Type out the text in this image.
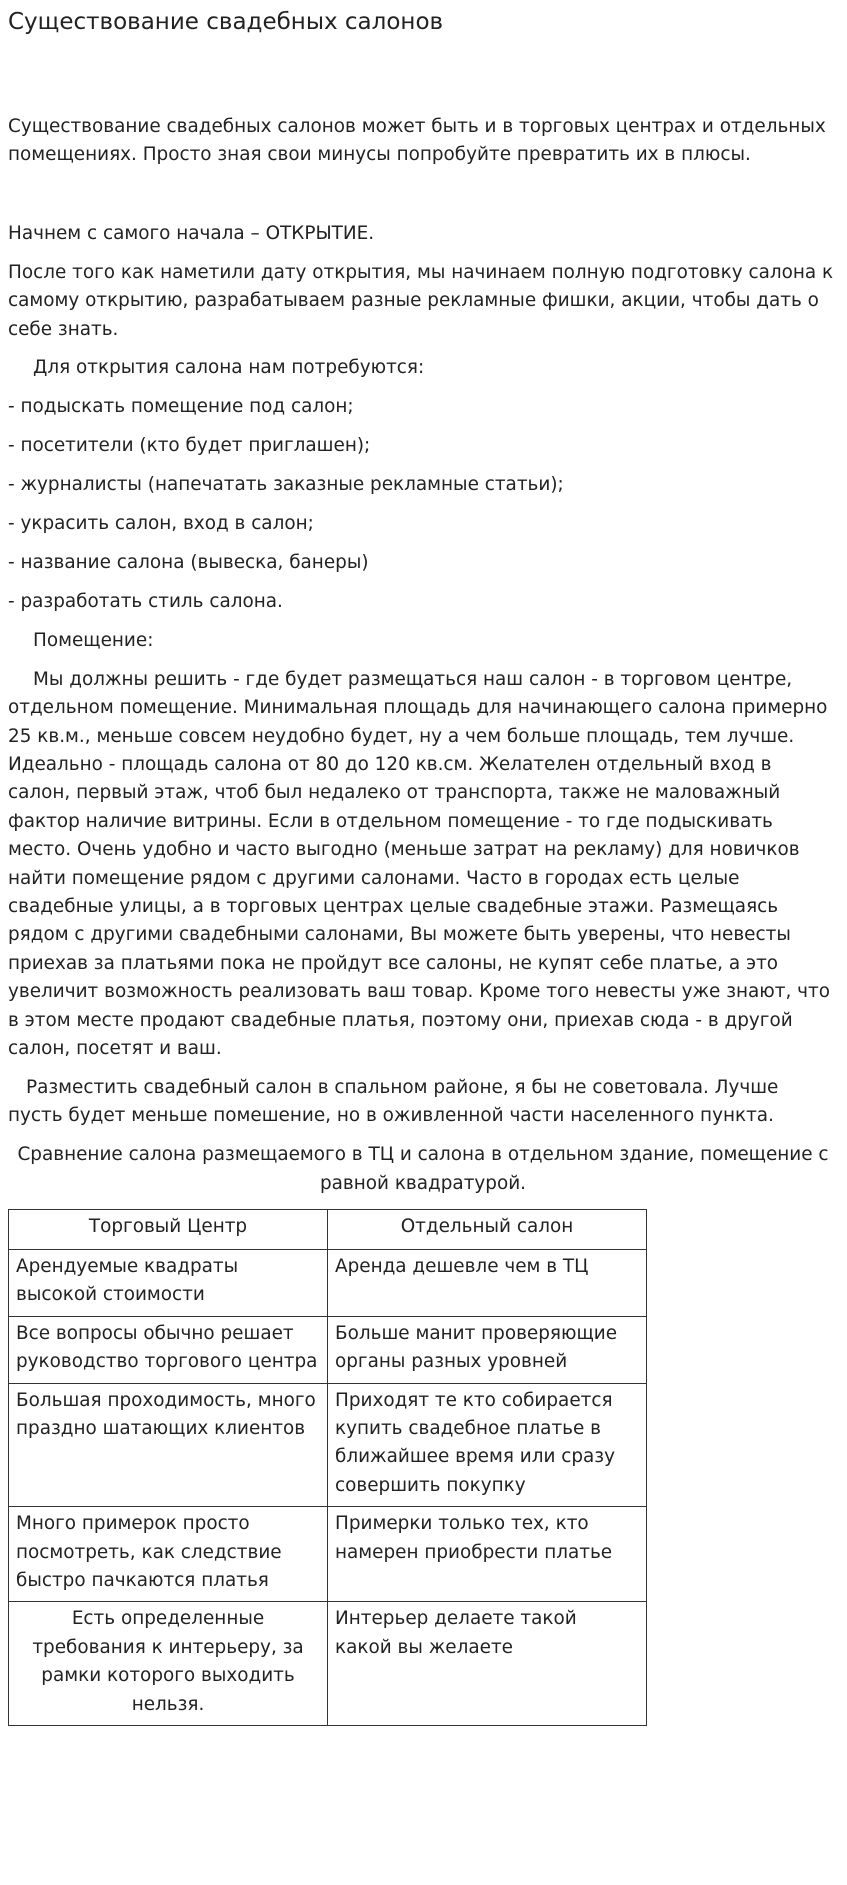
Существование свадебных салонов

Существование свадебных салонов может быть и в торговых центрах и отдельных помещениях. Просто зная свои минусы попробуйте превратить их в плюсы.

Начнем с самого начала – ОТКРЫТИЕ.

После того как наметили дату открытия, мы начинаем полную подготовку салона к самому открытию, разрабатываем разные рекламные фишки, акции, чтобы дать о себе знать.

Для открытия салона нам потребуются:

- подыскать помещение под салон;

- посетители (кто будет приглашен);

- журналисты (напечатать заказные рекламные статьи);

- украсить салон, вход в салон;

- название салона (вывеска, банеры)

- разработать стиль салона.

Помещение:

Мы должны решить - где будет размещаться наш салон - в торговом центре, отдельном помещение. Минимальная площадь для начинающего салона примерно 25 кв.м., меньше совсем неудобно будет, ну а чем больше площадь, тем лучше. Идеально - площадь салона от 80 до 120 кв.см. Желателен отдельный вход в салон, первый этаж, чтоб был недалеко от транспорта, также не маловажный фактор наличие витрины. Если в отдельном помещение - то где подыскивать место. Очень удобно и часто выгодно (меньше затрат на рекламу) для новичков найти помещение рядом с другими салонами. Часто в городах есть целые свадебные улицы, а в торговых центрах целые свадебные этажи. Размещаясь рядом с другими свадебными салонами, Вы можете быть уверены, что невесты приехав за платьями пока не пройдут все салоны, не купят себе платье, а это увеличит возможность реализовать ваш товар. Кроме того невесты уже знают, что в этом месте продают свадебные платья, поэтому они, приехав сюда - в другой салон, посетят и ваш.

Разместить свадебный салон в спальном районе, я бы не советовала. Лучше пусть будет меньше помешение, но в оживленной части населенного пункта.

Сравнение салона размещаемого в ТЦ и салона в отдельном здание, помещение с равной квадратурой.

Торговый Центр	Отдельный салон
Арендуемые квадраты высокой стоимости	Аренда дешевле чем в ТЦ
Все вопросы обычно решает руководство торгового центра	Больше манит проверяющие органы разных уровней
Большая проходимость, много праздно шатающих клиентов	Приходят те кто собирается купить свадебное платье в ближайшее время или сразу совершить покупку
Много примерок просто посмотреть, как следствие быстро пачкаются платья	Примерки только тех, кто намерен приобрести платье
Есть определенные требования к интерьеру, за рамки которого выходить нельзя.	Интерьер делаете такой какой вы желаете
